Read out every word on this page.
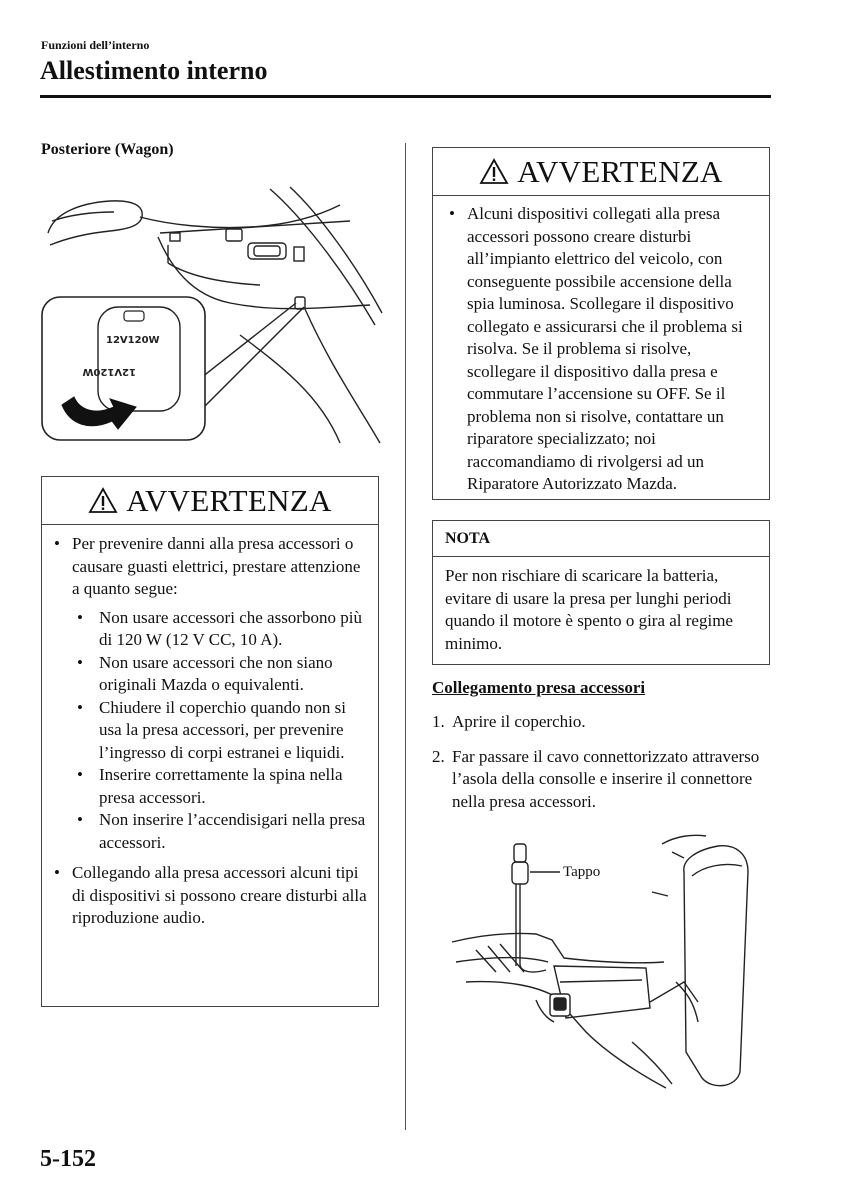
Funzioni dell’interno
Allestimento interno
Posteriore (Wagon)
12V120W
12V120W
AVVERTENZA
• Per prevenire danni alla presa accessori o causare guasti elettrici, prestare attenzione a quanto segue:
• Non usare accessori che assorbono più di 120 W (12 V CC, 10 A).
• Non usare accessori che non siano originali Mazda o equivalenti.
• Chiudere il coperchio quando non si usa la presa accessori, per prevenire l’ingresso di corpi estranei e liquidi.
• Inserire correttamente la spina nella presa accessori.
• Non inserire l’accendisigari nella presa accessori.
• Collegando alla presa accessori alcuni tipi di dispositivi si possono creare disturbi alla riproduzione audio.
AVVERTENZA
• Alcuni dispositivi collegati alla presa accessori possono creare disturbi all’impianto elettrico del veicolo, con conseguente possibile accensione della spia luminosa. Scollegare il dispositivo collegato e assicurarsi che il problema si risolva. Se il problema si risolve, scollegare il dispositivo dalla presa e commutare l’accensione su OFF. Se il problema non si risolve, contattare un riparatore specializzato; noi raccomandiamo di rivolgersi ad un Riparatore Autorizzato Mazda.
NOTA
Per non rischiare di scaricare la batteria, evitare di usare la presa per lunghi periodi quando il motore è spento o gira al regime minimo.
Collegamento presa accessori
1. Aprire il coperchio.
2. Far passare il cavo connettorizzato attraverso l’asola della consolle e inserire il connettore nella presa accessori.
Tappo
5-152
